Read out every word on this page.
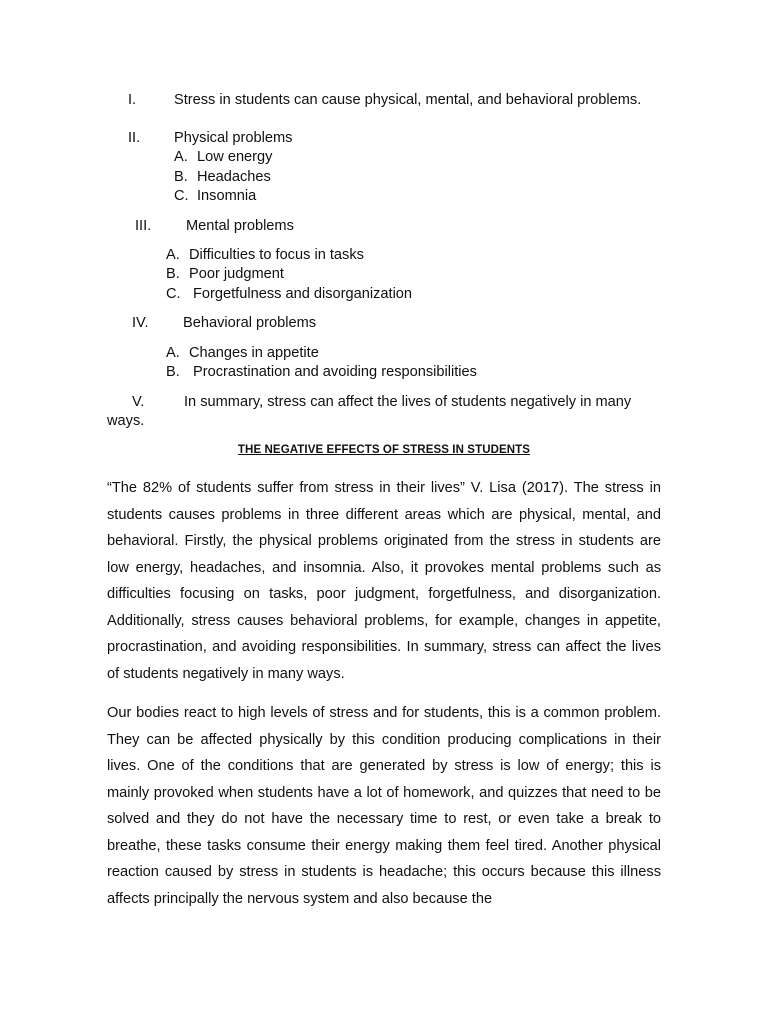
I.	Stress in students can cause physical, mental, and behavioral problems.
II. Physical problems
A. Low energy
B. Headaches
C. Insomnia
III. Mental problems
A. Difficulties to focus in tasks
B. Poor judgment
C. Forgetfulness and disorganization
IV. Behavioral problems
A. Changes in appetite
B. Procrastination and avoiding responsibilities
V.	In summary, stress can affect the lives of students negatively in many
ways.
THE NEGATIVE EFFECTS OF STRESS IN STUDENTS

“The 82% of students suffer from stress in their lives” V. Lisa (2017). The stress in students causes problems in three different areas which are physical, mental, and behavioral. Firstly, the physical problems originated from the stress in students are low energy, headaches, and insomnia. Also, it provokes mental problems such as difficulties focusing on tasks, poor judgment, forgetfulness, and disorganization. Additionally, stress causes behavioral problems, for example, changes in appetite, procrastination, and avoiding responsibilities. In summary, stress can affect the lives of students negatively in many ways.

Our bodies react to high levels of stress and for students, this is a common problem. They can be affected physically by this condition producing complications in their lives. One of the conditions that are generated by stress is low of energy; this is mainly provoked when students have a lot of homework, and quizzes that need to be solved and they do not have the necessary time to rest, or even take a break to breathe, these tasks consume their energy making them feel tired. Another physical reaction caused by stress in students is headache; this occurs because this illness affects principally the nervous system and also because the
